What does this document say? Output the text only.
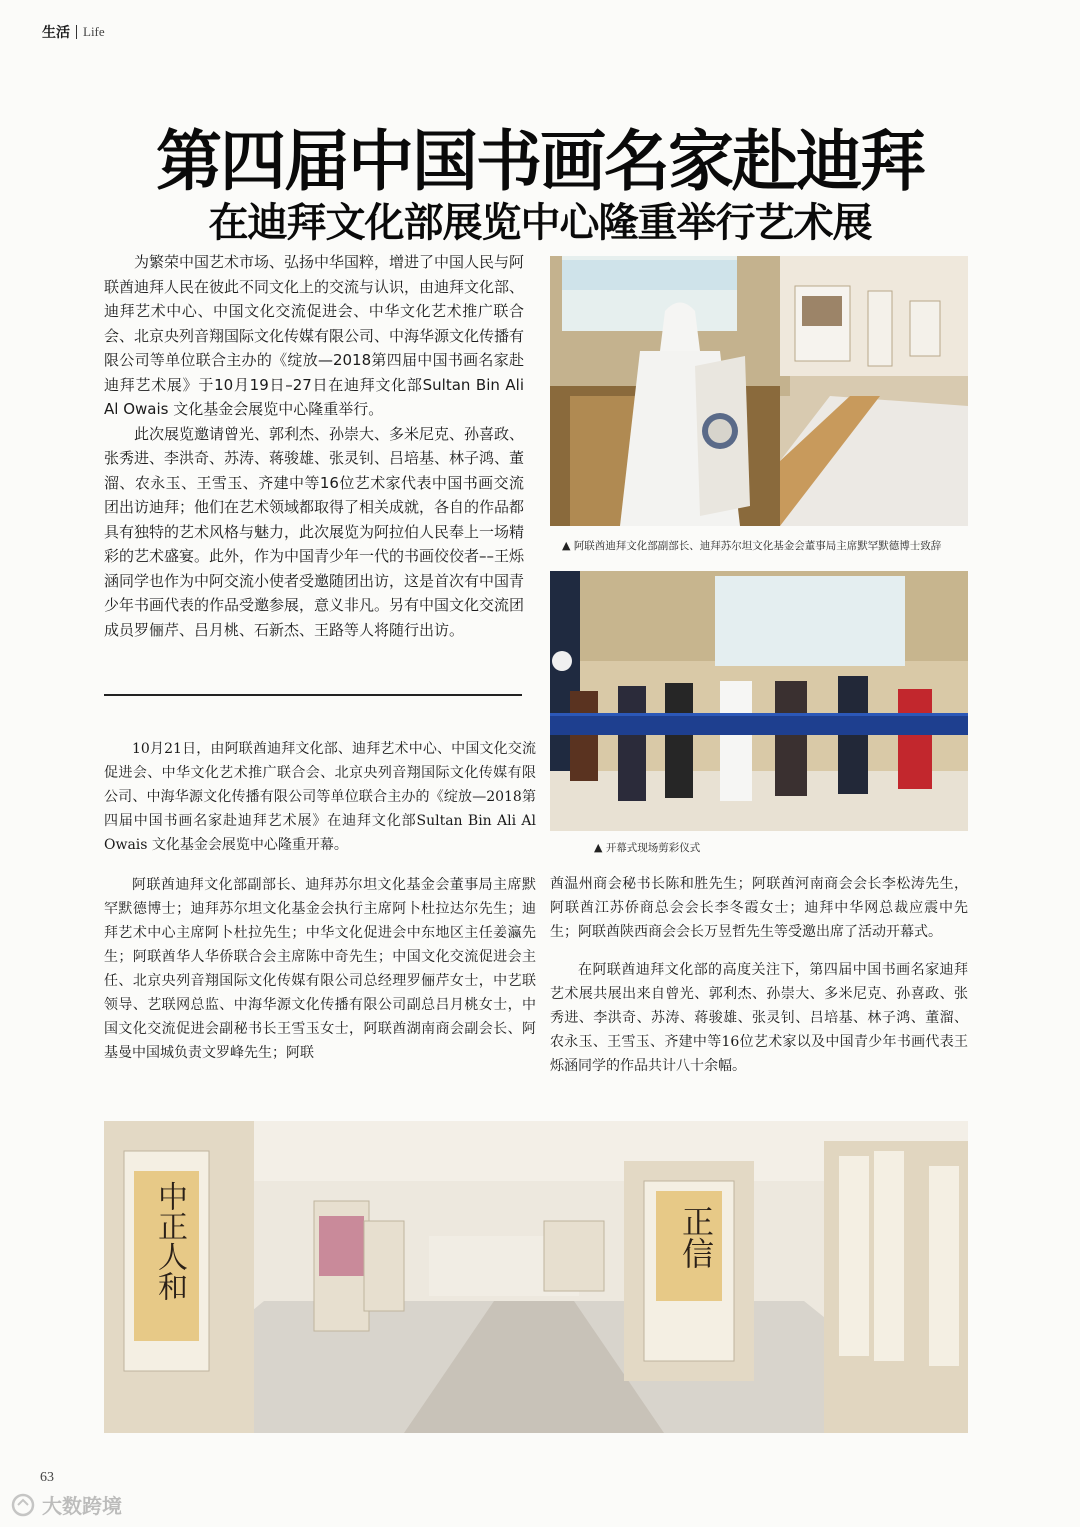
生活 Life
第四届中国书画名家赴迪拜
在迪拜文化部展览中心隆重举行艺术展

为繁荣中国艺术市场、弘扬中华国粹，增进了中国人民与阿联酋迪拜人民在彼此不同文化上的交流与认识，由迪拜文化部、迪拜艺术中心、中国文化交流促进会、中华文化艺术推广联合会、北京央列音翔国际文化传媒有限公司、中海华源文化传播有限公司等单位联合主办的《绽放—2018第四届中国书画名家赴迪拜艺术展》于10月19日–27日在迪拜文化部Sultan Bin Ali Al Owais 文化基金会展览中心隆重举行。

此次展览邀请曾光、郭利杰、孙崇大、多米尼克、孙喜政、张秀进、李洪奇、苏涛、蒋骏雄、张灵钊、吕培基、林子鸿、董溜、农永玉、王雪玉、齐建中等16位艺术家代表中国书画交流团出访迪拜；他们在艺术领域都取得了相关成就，各自的作品都具有独特的艺术风格与魅力，此次展览为阿拉伯人民奉上一场精彩的艺术盛宴。此外，作为中国青少年一代的书画佼佼者––王烁涵同学也作为中阿交流小使者受邀随团出访，这是首次有中国青少年书画代表的作品受邀参展，意义非凡。另有中国文化交流团成员罗俪芹、吕月桃、石新杰、王路等人将随行出访。

10月21日，由阿联酋迪拜文化部、迪拜艺术中心、中国文化交流促进会、中华文化艺术推广联合会、北京央列音翔国际文化传媒有限公司、中海华源文化传播有限公司等单位联合主办的《绽放—2018第四届中国书画名家赴迪拜艺术展》在迪拜文化部Sultan Bin Ali Al Owais 文化基金会展览中心隆重开幕。

阿联酋迪拜文化部副部长、迪拜苏尔坦文化基金会董事局主席默罕默德博士；迪拜苏尔坦文化基金会执行主席阿卜杜拉达尔先生；迪拜艺术中心主席阿卜杜拉先生；中华文化促进会中东地区主任姜瀛先生；阿联酋华人华侨联合会主席陈中奇先生；中国文化交流促进会主任、北京央列音翔国际文化传媒有限公司总经理罗俪芹女士，中艺联领导、艺联网总监、中海华源文化传播有限公司副总吕月桃女士，中国文化交流促进会副秘书长王雪玉女士，阿联酋湖南商会副会长、阿基曼中国城负责文罗峰先生；阿联

酋温州商会秘书长陈和胜先生；阿联酋河南商会会长李松涛先生，阿联酋江苏侨商总会会长李冬霞女士；迪拜中华网总裁应震中先生；阿联酋陕西商会会长万昱哲先生等受邀出席了活动开幕式。

在阿联酋迪拜文化部的高度关注下，第四届中国书画名家迪拜艺术展共展出来自曾光、郭利杰、孙崇大、多米尼克、孙喜政、张秀进、李洪奇、苏涛、蒋骏雄、张灵钊、吕培基、林子鸿、董溜、农永玉、王雪玉、齐建中等16位艺术家以及中国青少年书画代表王烁涵同学的作品共计八十余幅。

▲ 阿联酋迪拜文化部副部长、迪拜苏尔坦文化基金会董事局主席默罕默德博士致辞
▲ 开幕式现场剪彩仪式
中正人和	正信
63
大数跨境
